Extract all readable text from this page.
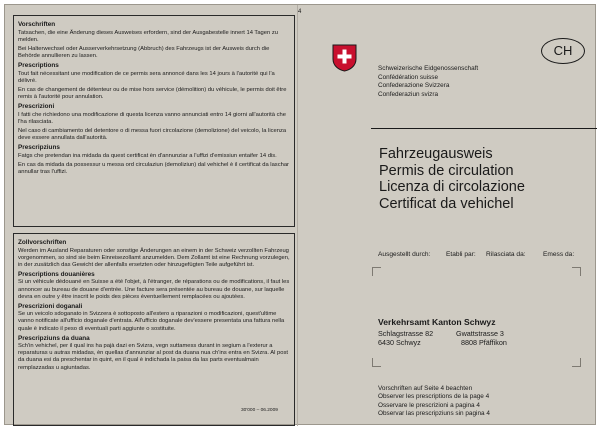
Vorschriften
Tatsachen, die eine Änderung dieses Ausweises erfordern, sind der Ausgabestelle innert 14 Tagen zu melden.
Bei Halterwechsel oder Ausserverkehrsetzung (Abbruch) des Fahrzeugs ist der Ausweis durch die Behörde annullieren zu lassen.
Prescriptions
Tout fait nécessitant une modification de ce permis sera annoncé dans les 14 jours à l'autorité qui l'a délivré.
En cas de changement de détenteur ou de mise hors service (démolition) du véhicule, le permis doit être remis à l'autorité pour annulation.
Prescrizioni
I fatti che richiedono una modificazione di questa licenza vanno annunciati entro 14 giorni all'autorità che l'ha rilasciata.
Nel caso di cambiamento del detentore o di messa fuori circolazione (demolizione) del veicolo, la licenza deve essere annullata dall'autorità.
Prescripziuns
Fatgs che pretendan ina midada da quest certificat èn d'annunziar a l'uffizi d'emissiun entaifer 14 dis.
En cas da midada da possessur u messa ord circulaziun (demoliziun) dal vehichel è il certificat da laschar annullar tras l'uffizi.
Zollvorschriften
Werden im Ausland Reparaturen oder sonstige Änderungen an einem in der Schweiz verzollten Fahrzeug vorgenommen, so sind sie beim Einreisezollamt anzumelden. Dem Zollamt ist eine Rechnung vorzulegen, in der zusätzlich das Gewicht der allenfalls ersetzten oder hinzugefügten Teile aufgeführt ist.
Prescriptions douanières
Si un véhicule dédouané en Suisse a été l'objet, à l'étranger, de réparations ou de modifications, il faut les annoncer au bureau de douane d'entrée. Une facture sera présentée au bureau de douane, sur laquelle devra en outre y être inscrit le poids des pièces éventuellement remplacées ou ajoutées.
Prescrizioni doganali
Se un veicolo sdoganato in Svizzera è sottoposto all'estero a riparazioni o modificazioni, quest'ultime vanno notificate all'ufficio doganale d'entrata. All'ufficio doganale dev'essere presentata una fattura nella quale è indicato il peso di eventuali parti aggiunte o sostituite.
Prescripziuns da duana
Sch'in vehichel, per il qual ins ha pajà dazi en Svizra, vegn suttamess durant in segium a l'exterur a reparaturas u autras midadas, èn quellas d'annunziar al post da duana nua ch'ins entra en Svizra. Al post da duana esi da preschentar in quint, en il qual è indichada la paisa da las parts eventualmain remplazzadas u agiuntadas.
30'000 – 06.2009
4
Schweizerische Eidgenossenschaft
Confédération suisse
Confederazione Svizzera
Confederaziun svizra
CH
Fahrzeugausweis
Permis de circulation
Licenza di circolazione
Certificat da vehichel
Ausgestellt durch: Etabli par: Rilasciata da:	Emess da:
Verkehrsamt Kanton Schwyz
Schlagstrasse 82
6430 Schwyz
Gwattstrasse 3
8808 Pfäffikon
Vorschriften auf Seite 4 beachten
Observer les prescriptions de la page 4
Osservare le prescrizioni a pagina 4
Observar las prescripziuns sin pagina 4
